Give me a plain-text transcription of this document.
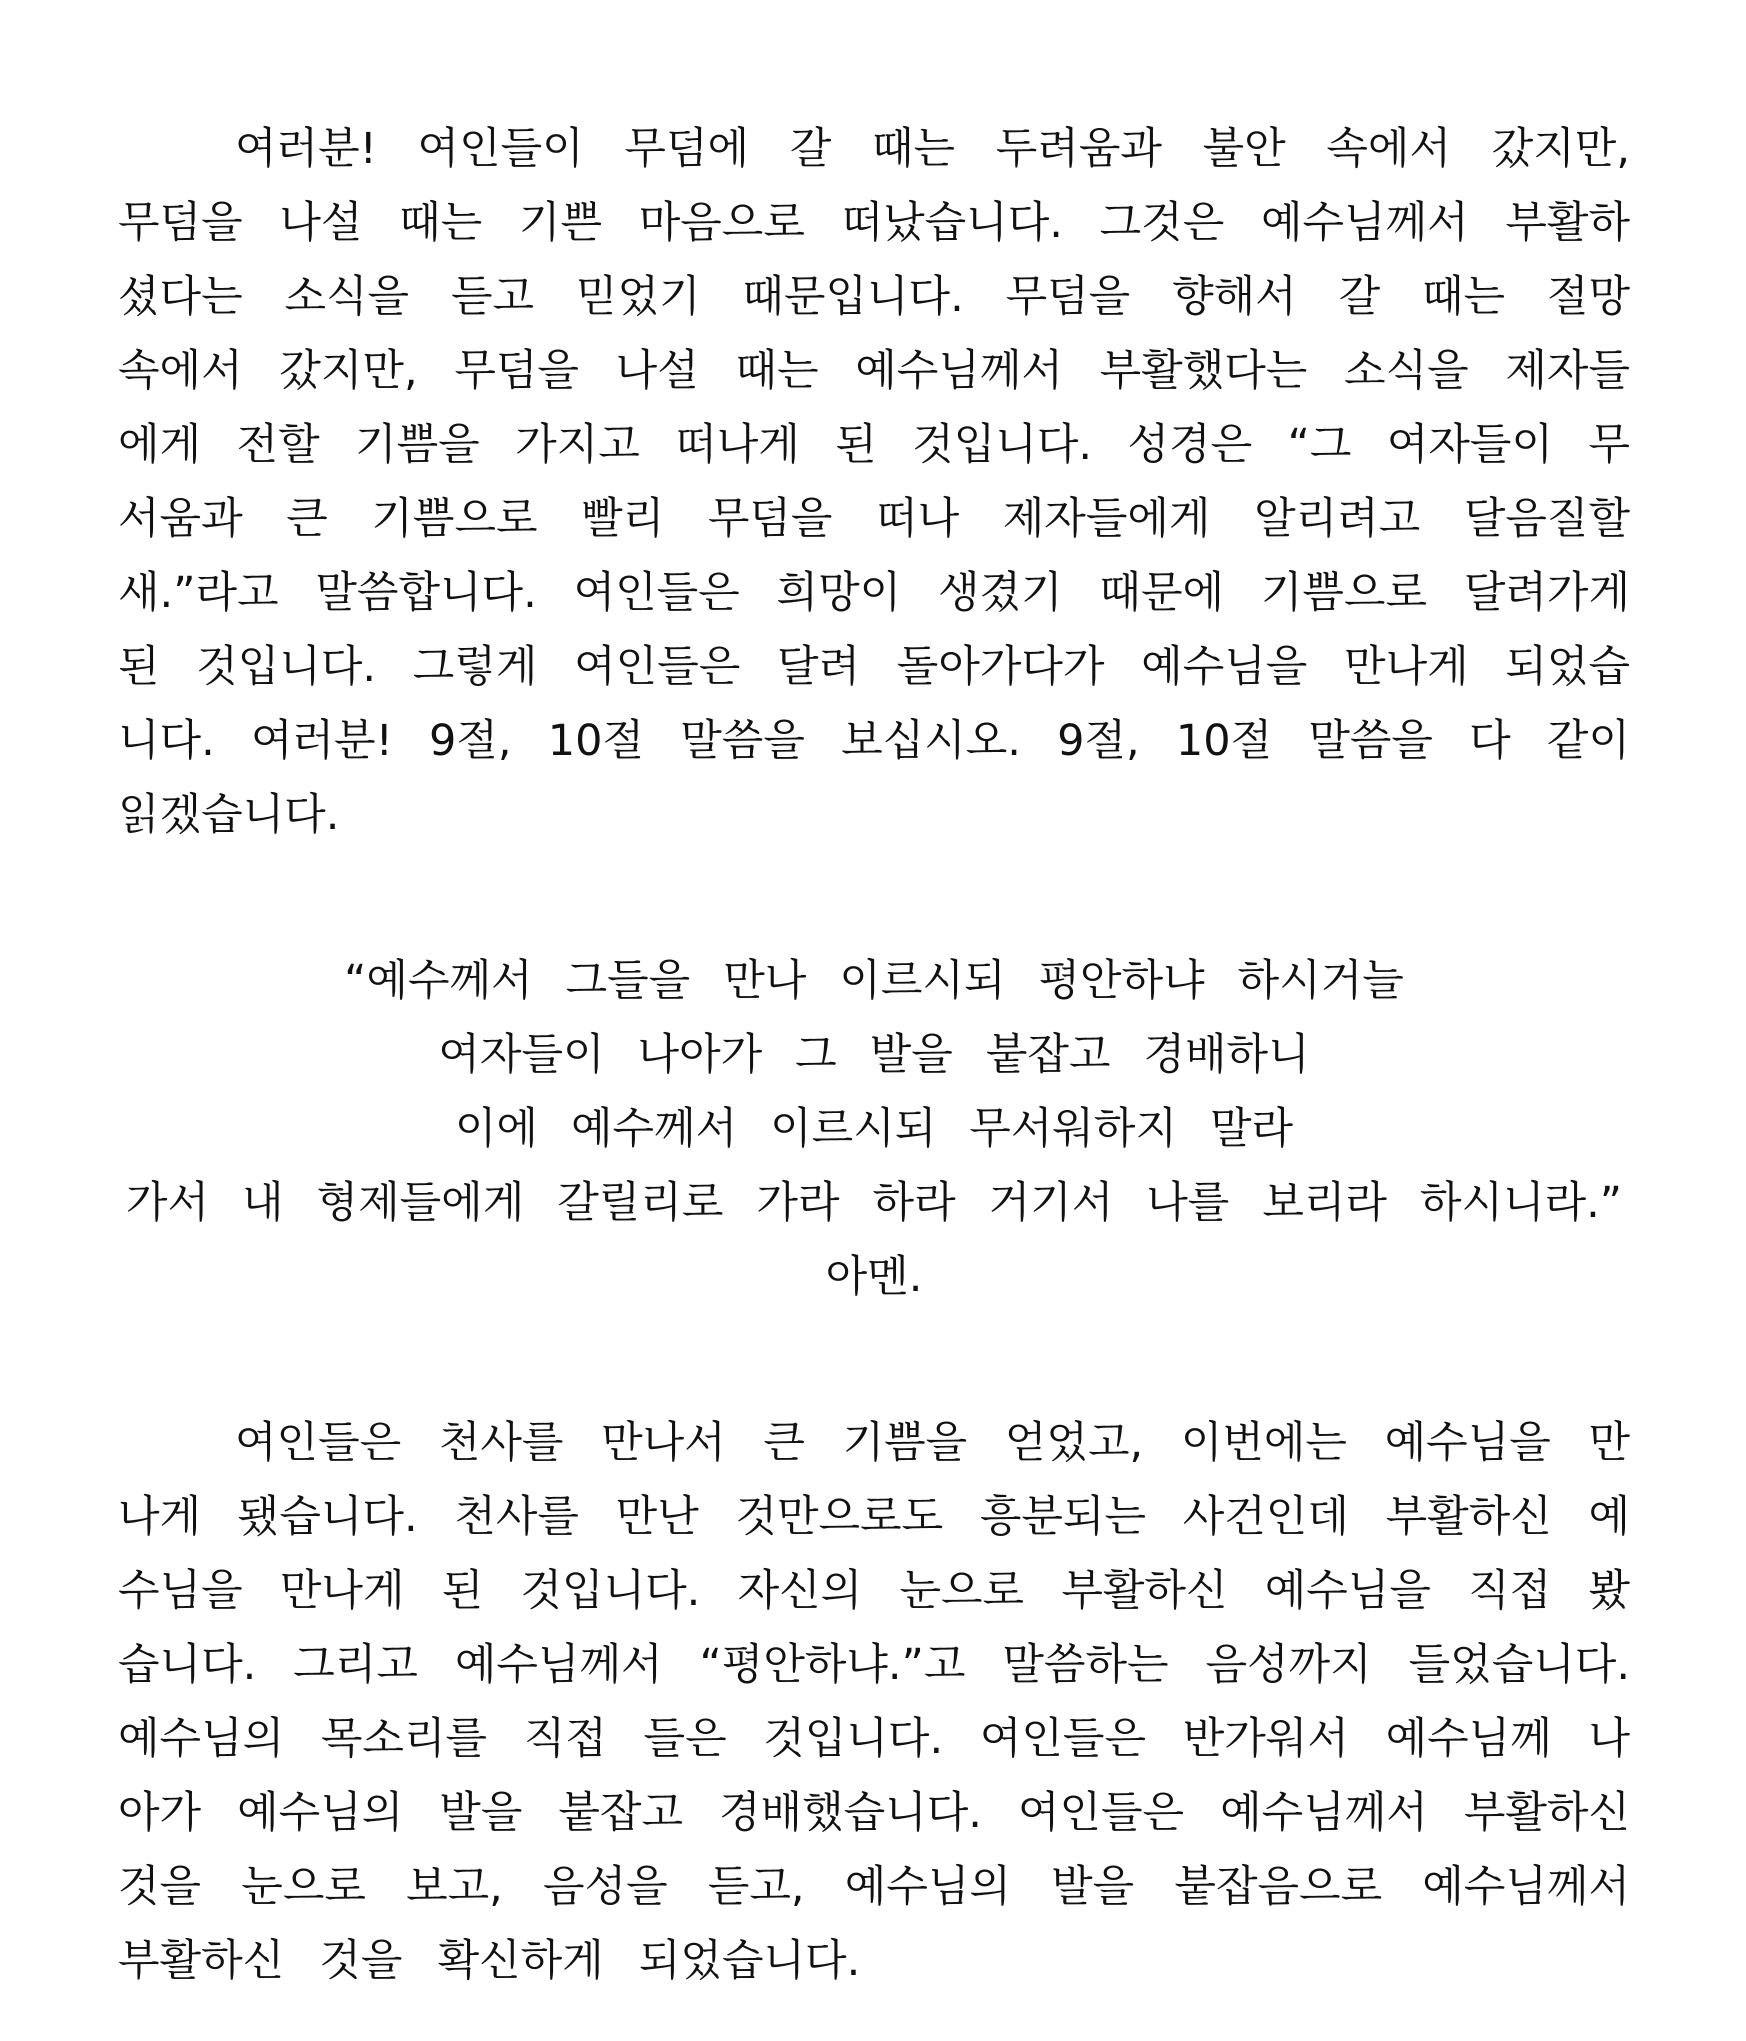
여러분! 여인들이 무덤에 갈 때는 두려움과 불안 속에서 갔지만, 무덤을 나설 때는 기쁜 마음으로 떠났습니다. 그것은 예수님께서 부활하셨다는 소식을 듣고 믿었기 때문입니다. 무덤을 향해서 갈 때는 절망 속에서 갔지만, 무덤을 나설 때는 예수님께서 부활했다는 소식을 제자들에게 전할 기쁨을 가지고 떠나게 된 것입니다. 성경은 “그 여자들이 무서움과 큰 기쁨으로 빨리 무덤을 떠나 제자들에게 알리려고 달음질할새.”라고 말씀합니다. 여인들은 희망이 생겼기 때문에 기쁨으로 달려가게 된 것입니다. 그렇게 여인들은 달려 돌아가다가 예수님을 만나게 되었습니다. 여러분! 9절, 10절 말씀을 보십시오. 9절, 10절 말씀을 다 같이 읽겠습니다.

“예수께서 그들을 만나 이르시되 평안하냐 하시거늘
여자들이 나아가 그 발을 붙잡고 경배하니
이에 예수께서 이르시되 무서워하지 말라
가서 내 형제들에게 갈릴리로 가라 하라 거기서 나를 보리라 하시니라.”
아멘.

여인들은 천사를 만나서 큰 기쁨을 얻었고, 이번에는 예수님을 만나게 됐습니다. 천사를 만난 것만으로도 흥분되는 사건인데 부활하신 예수님을 만나게 된 것입니다. 자신의 눈으로 부활하신 예수님을 직접 봤습니다. 그리고 예수님께서 “평안하냐.”고 말씀하는 음성까지 들었습니다. 예수님의 목소리를 직접 들은 것입니다. 여인들은 반가워서 예수님께 나아가 예수님의 발을 붙잡고 경배했습니다. 여인들은 예수님께서 부활하신 것을 눈으로 보고, 음성을 듣고, 예수님의 발을 붙잡음으로 예수님께서 부활하신 것을 확신하게 되었습니다.
